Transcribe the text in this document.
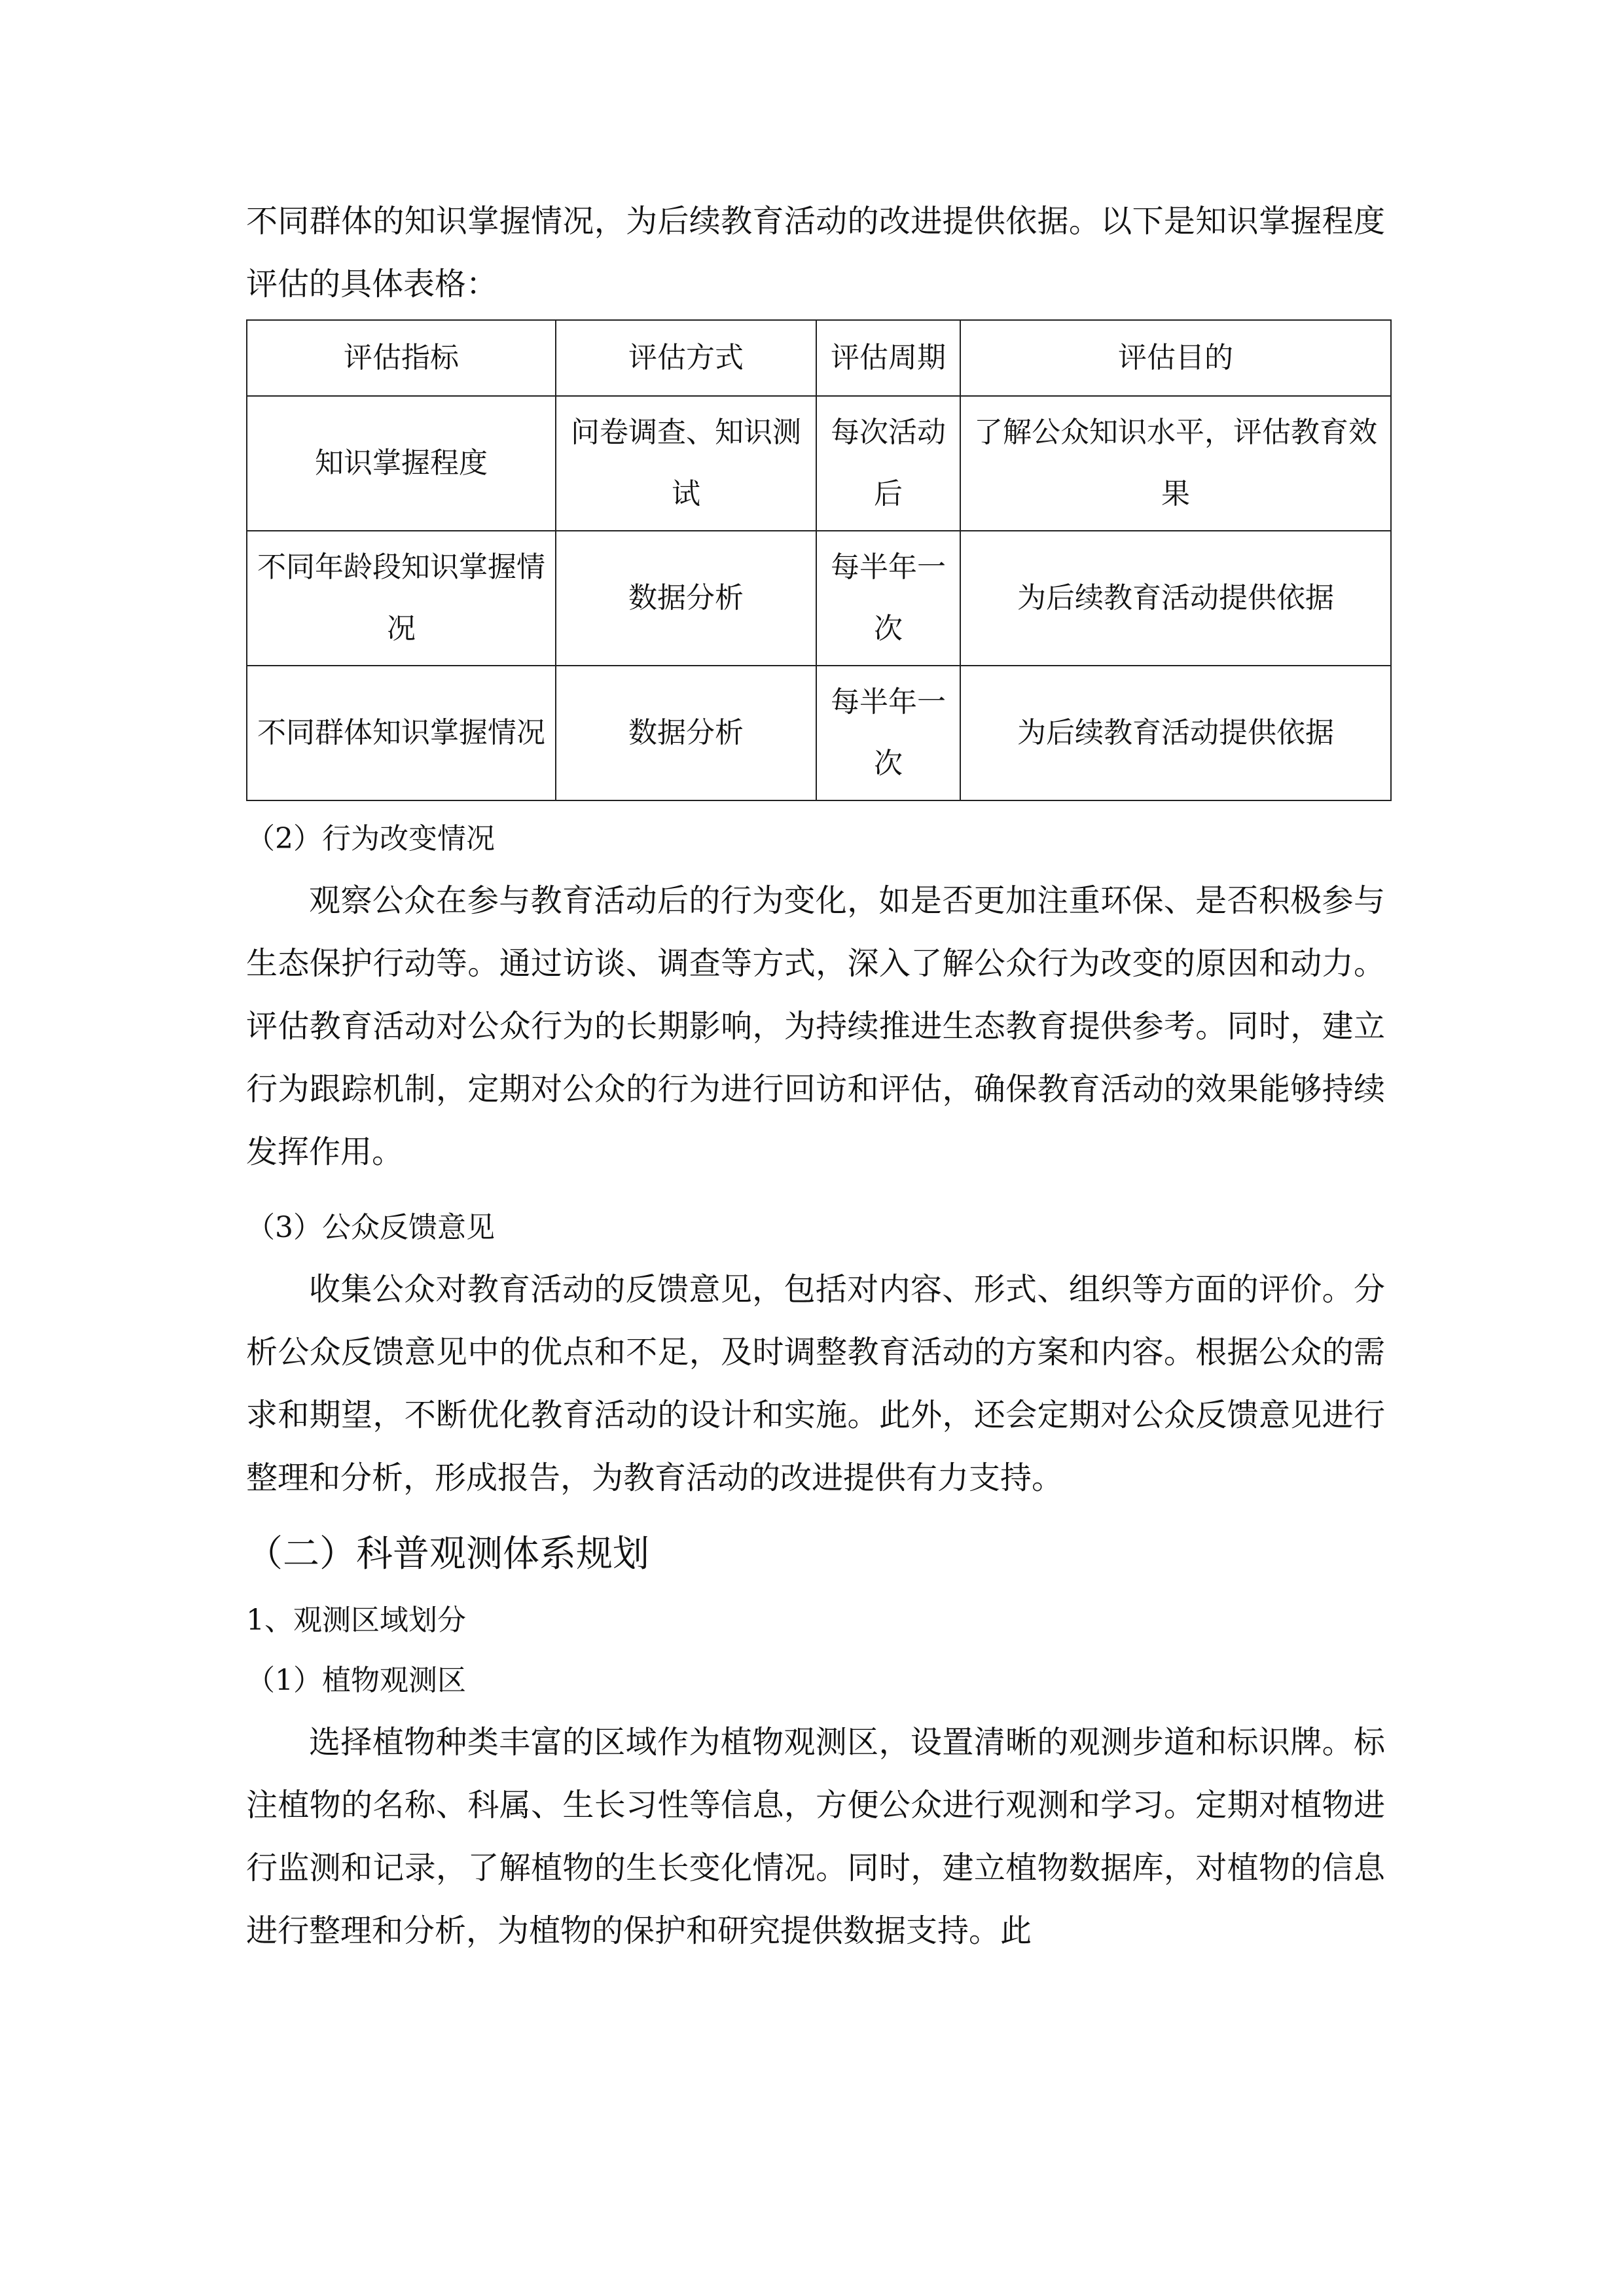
不同群体的知识掌握情况，为后续教育活动的改进提供依据。以下是知识掌握程度评估的具体表格：

评估指标	评估方式	评估周期	评估目的
知识掌握程度	问卷调查、知识测试	每次活动后	了解公众知识水平，评估教育效果
不同年龄段知识掌握情况	数据分析	每半年一次	为后续教育活动提供依据
不同群体知识掌握情况	数据分析	每半年一次	为后续教育活动提供依据

（2）行为改变情况

观察公众在参与教育活动后的行为变化，如是否更加注重环保、是否积极参与生态保护行动等。通过访谈、调查等方式，深入了解公众行为改变的原因和动力。评估教育活动对公众行为的长期影响，为持续推进生态教育提供参考。同时，建立行为跟踪机制，定期对公众的行为进行回访和评估，确保教育活动的效果能够持续发挥作用。

（3）公众反馈意见

收集公众对教育活动的反馈意见，包括对内容、形式、组织等方面的评价。分析公众反馈意见中的优点和不足，及时调整教育活动的方案和内容。根据公众的需求和期望，不断优化教育活动的设计和实施。此外，还会定期对公众反馈意见进行整理和分析，形成报告，为教育活动的改进提供有力支持。

（二）科普观测体系规划

1、观测区域划分

（1）植物观测区

选择植物种类丰富的区域作为植物观测区，设置清晰的观测步道和标识牌。标注植物的名称、科属、生长习性等信息，方便公众进行观测和学习。定期对植物进行监测和记录，了解植物的生长变化情况。同时，建立植物数据库，对植物的信息进行整理和分析，为植物的保护和研究提供数据支持。此
